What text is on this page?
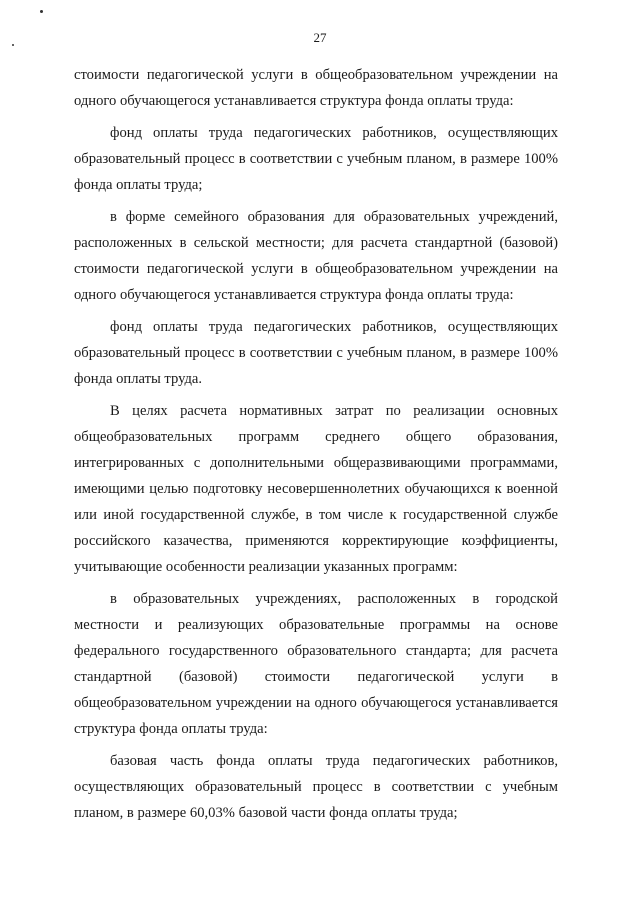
27

стоимости педагогической услуги в общеобразовательном учреждении на одного обучающегося устанавливается структура фонда оплаты труда:

фонд оплаты труда педагогических работников, осуществляющих образовательный процесс в соответствии с учебным планом, в размере 100% фонда оплаты труда;

в форме семейного образования для образовательных учреждений, расположенных в сельской местности; для расчета стандартной (базовой) стоимости педагогической услуги в общеобразовательном учреждении на одного обучающегося устанавливается структура фонда оплаты труда:

фонд оплаты труда педагогических работников, осуществляющих образовательный процесс в соответствии с учебным планом, в размере 100% фонда оплаты труда.

В целях расчета нормативных затрат по реализации основных общеобразовательных программ среднего общего образования, интегрированных с дополнительными общеразвивающими программами, имеющими целью подготовку несовершеннолетних обучающихся к военной или иной государственной службе, в том числе к государственной службе российского казачества, применяются корректирующие коэффициенты, учитывающие особенности реализации указанных программ:

в образовательных учреждениях, расположенных в городской местности и реализующих образовательные программы на основе федерального государственного образовательного стандарта; для расчета стандартной (базовой) стоимости педагогической услуги в общеобразовательном учреждении на одного обучающегося устанавливается структура фонда оплаты труда:

базовая часть фонда оплаты труда педагогических работников, осуществляющих образовательный процесс в соответствии с учебным планом, в размере 60,03% базовой части фонда оплаты труда;
